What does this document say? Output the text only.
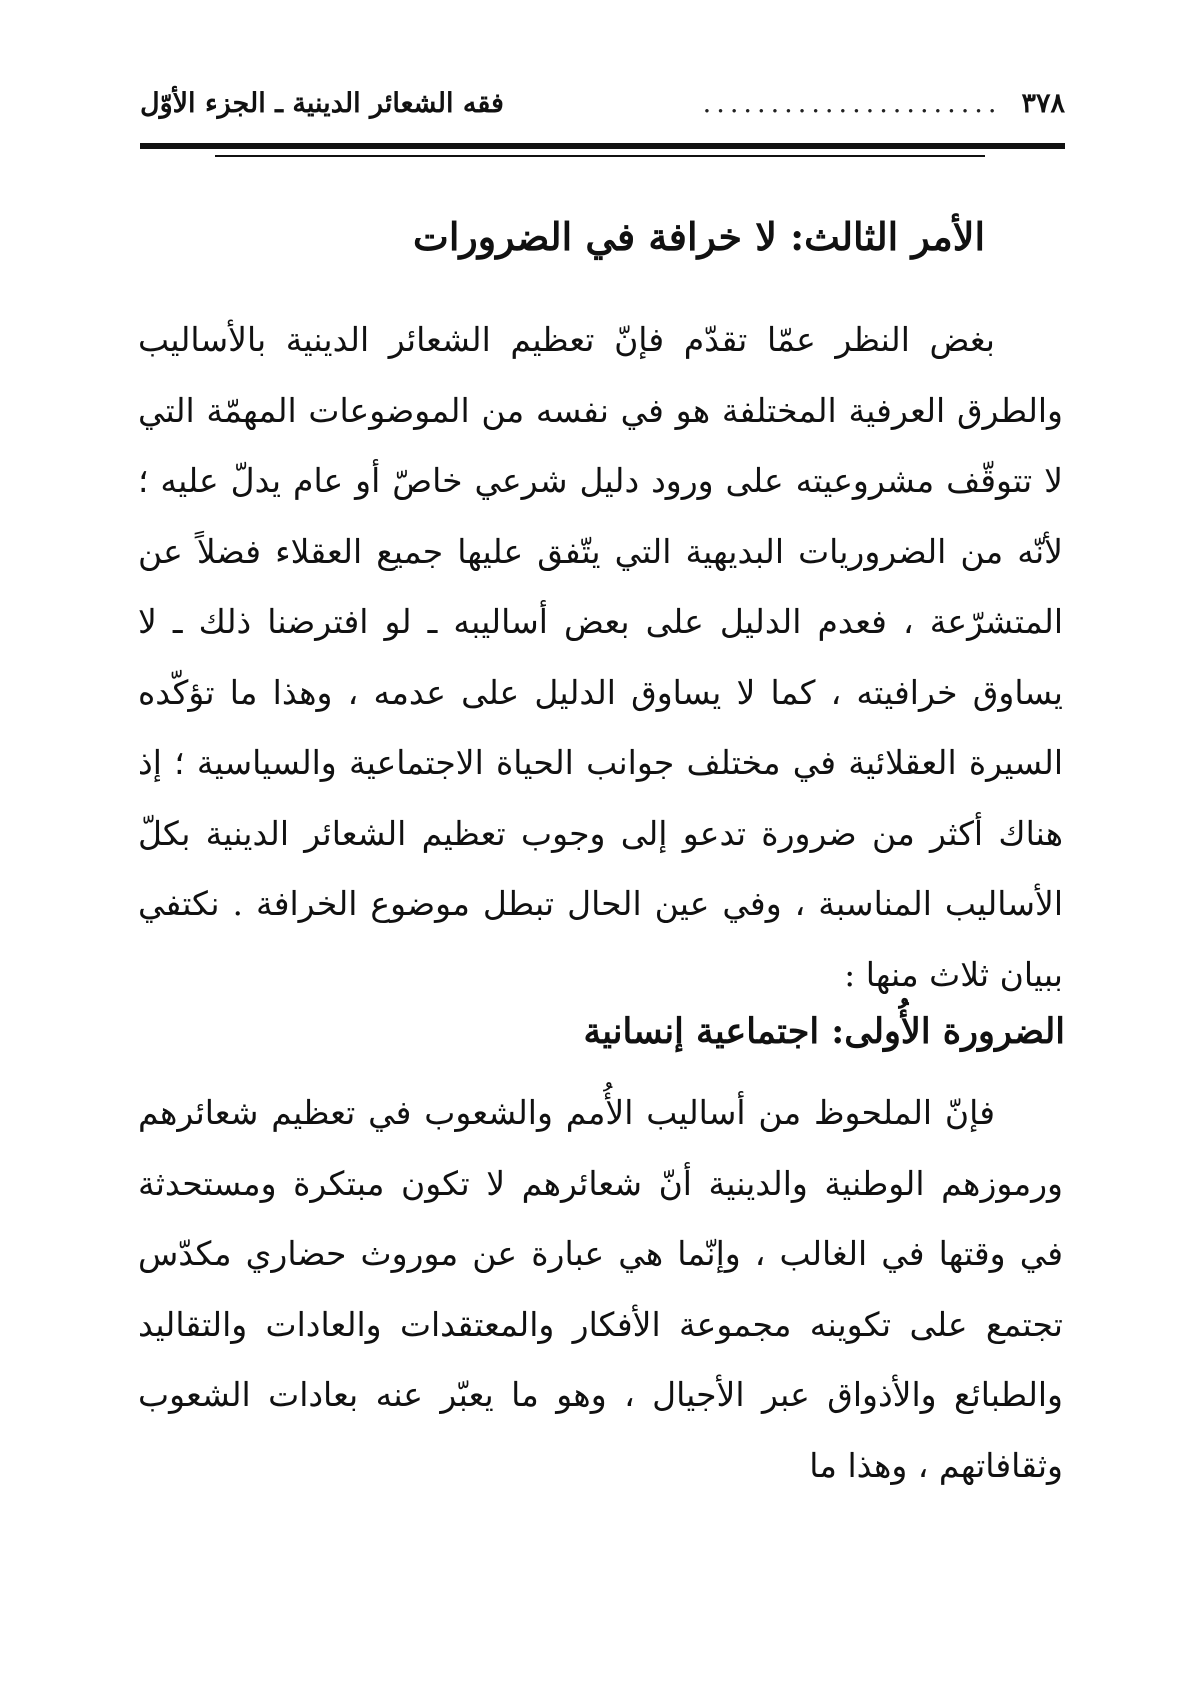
٣٧٨
......................
فقه الشعائر الدينية ـ الجزء الأوّل
الأمر الثالث: لا خرافة في الضرورات

بغض النظر عمّا تقدّم فإنّ تعظيم الشعائر الدينية بالأساليب والطرق العرفية المختلفة هو في نفسه من الموضوعات المهمّة التي لا تتوقّف مشروعيته على ورود دليل شرعي خاصّ أو عام يدلّ عليه ؛ لأنّه من الضروريات البديهية التي يتّفق عليها جميع العقلاء فضلاً عن المتشرّعة ، فعدم الدليل على بعض أساليبه ـ لو افترضنا ذلك ـ لا يساوق خرافيته ، كما لا يساوق الدليل على عدمه ، وهذا ما تؤكّده السيرة العقلائية في مختلف جوانب الحياة الاجتماعية والسياسية ؛ إذ هناك أكثر من ضرورة تدعو إلى وجوب تعظيم الشعائر الدينية بكلّ الأساليب المناسبة ، وفي عين الحال تبطل موضوع الخرافة . نكتفي ببيان ثلاث منها :

الضرورة الأُولى: اجتماعية إنسانية

فإنّ الملحوظ من أساليب الأُمم والشعوب في تعظيم شعائرهم ورموزهم الوطنية والدينية أنّ شعائرهم لا تكون مبتكرة ومستحدثة في وقتها في الغالب ، وإنّما هي عبارة عن موروث حضاري مكدّس تجتمع على تكوينه مجموعة الأفكار والمعتقدات والعادات والتقاليد والطبائع والأذواق عبر الأجيال ، وهو ما يعبّر عنه بعادات الشعوب وثقافاتهم ، وهذا ما
